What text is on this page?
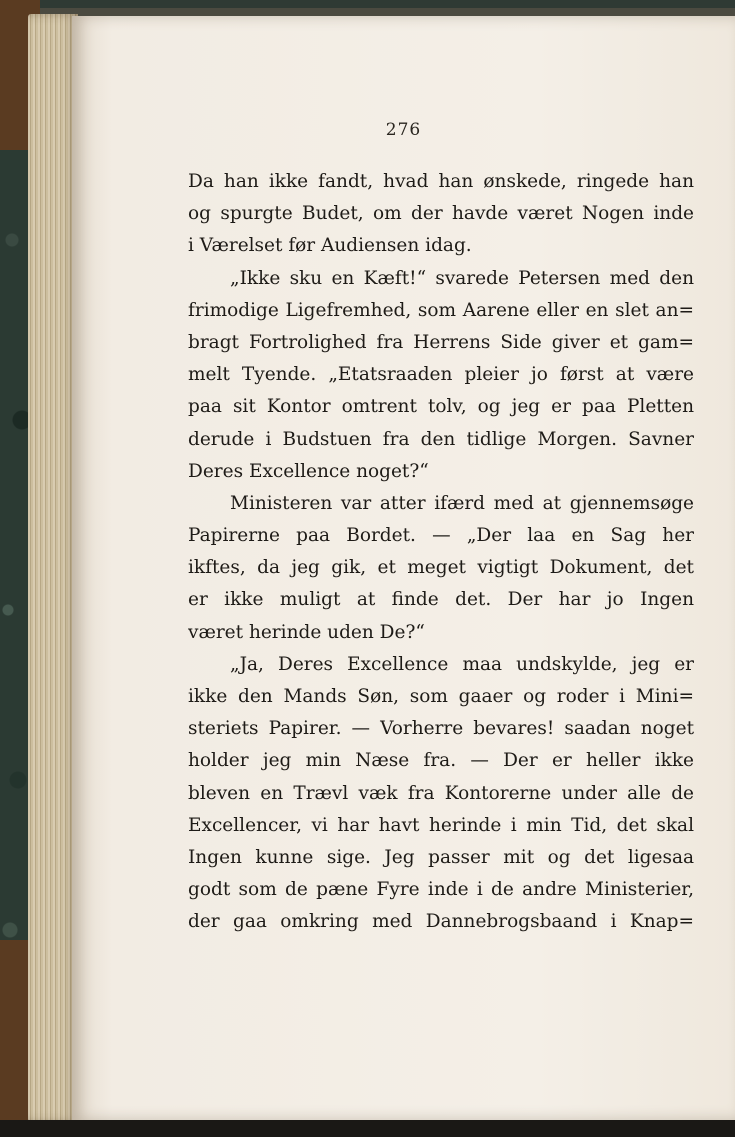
276
Da han ikke fandt, hvad han ønskede, ringede han
og spurgte Budet, om der havde været Nogen inde
i Værelset før Audiensen idag.
„Ikke sku en Kæft!“ svarede Petersen med den
frimodige Ligefremhed, som Aarene eller en slet an=
bragt Fortrolighed fra Herrens Side giver et gam=
melt Tyende. „Etatsraaden pleier jo først at være
paa sit Kontor omtrent tolv, og jeg er paa Pletten
derude i Budstuen fra den tidlige Morgen. Savner
Deres Excellence noget?“
Ministeren var atter ifærd med at gjennemsøge
Papirerne paa Bordet. — „Der laa en Sag her
ikftes, da jeg gik, et meget vigtigt Dokument, det
er ikke muligt at finde det. Der har jo Ingen
været herinde uden De?“
„Ja, Deres Excellence maa undskylde, jeg er
ikke den Mands Søn, som gaaer og roder i Mini=
steriets Papirer. — Vorherre bevares! saadan noget
holder jeg min Næse fra. — Der er heller ikke
bleven en Trævl væk fra Kontorerne under alle de
Excellencer, vi har havt herinde i min Tid, det skal
Ingen kunne sige. Jeg passer mit og det ligesaa
godt som de pæne Fyre inde i de andre Ministerier,
der gaa omkring med Dannebrogsbaand i Knap=
